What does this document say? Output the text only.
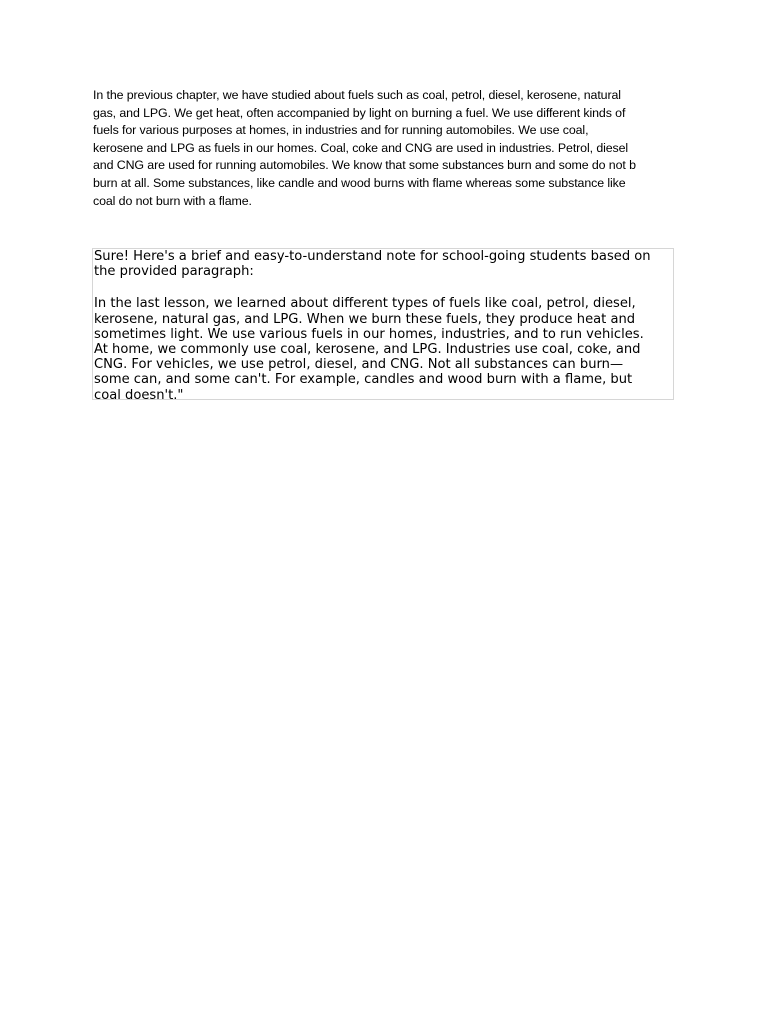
In the previous chapter, we have studied about fuels such as coal, petrol, diesel, kerosene, natural
gas, and LPG. We get heat, often accompanied by light on burning a fuel. We use different kinds of
fuels for various purposes at homes, in industries and for running automobiles. We use coal,
kerosene and LPG as fuels in our homes. Coal, coke and CNG are used in industries. Petrol, diesel
and CNG are used for running automobiles. We know that some substances burn and some do not b
burn at all. Some substances, like candle and wood burns with flame whereas some substance like
coal do not burn with a flame.
Sure! Here's a brief and easy-to-understand note for school-going students based on
the provided paragraph:
In the last lesson, we learned about different types of fuels like coal, petrol, diesel,
kerosene, natural gas, and LPG. When we burn these fuels, they produce heat and
sometimes light. We use various fuels in our homes, industries, and to run vehicles.
At home, we commonly use coal, kerosene, and LPG. Industries use coal, coke, and
CNG. For vehicles, we use petrol, diesel, and CNG. Not all substances can burn—
some can, and some can't. For example, candles and wood burn with a flame, but
coal doesn't."
